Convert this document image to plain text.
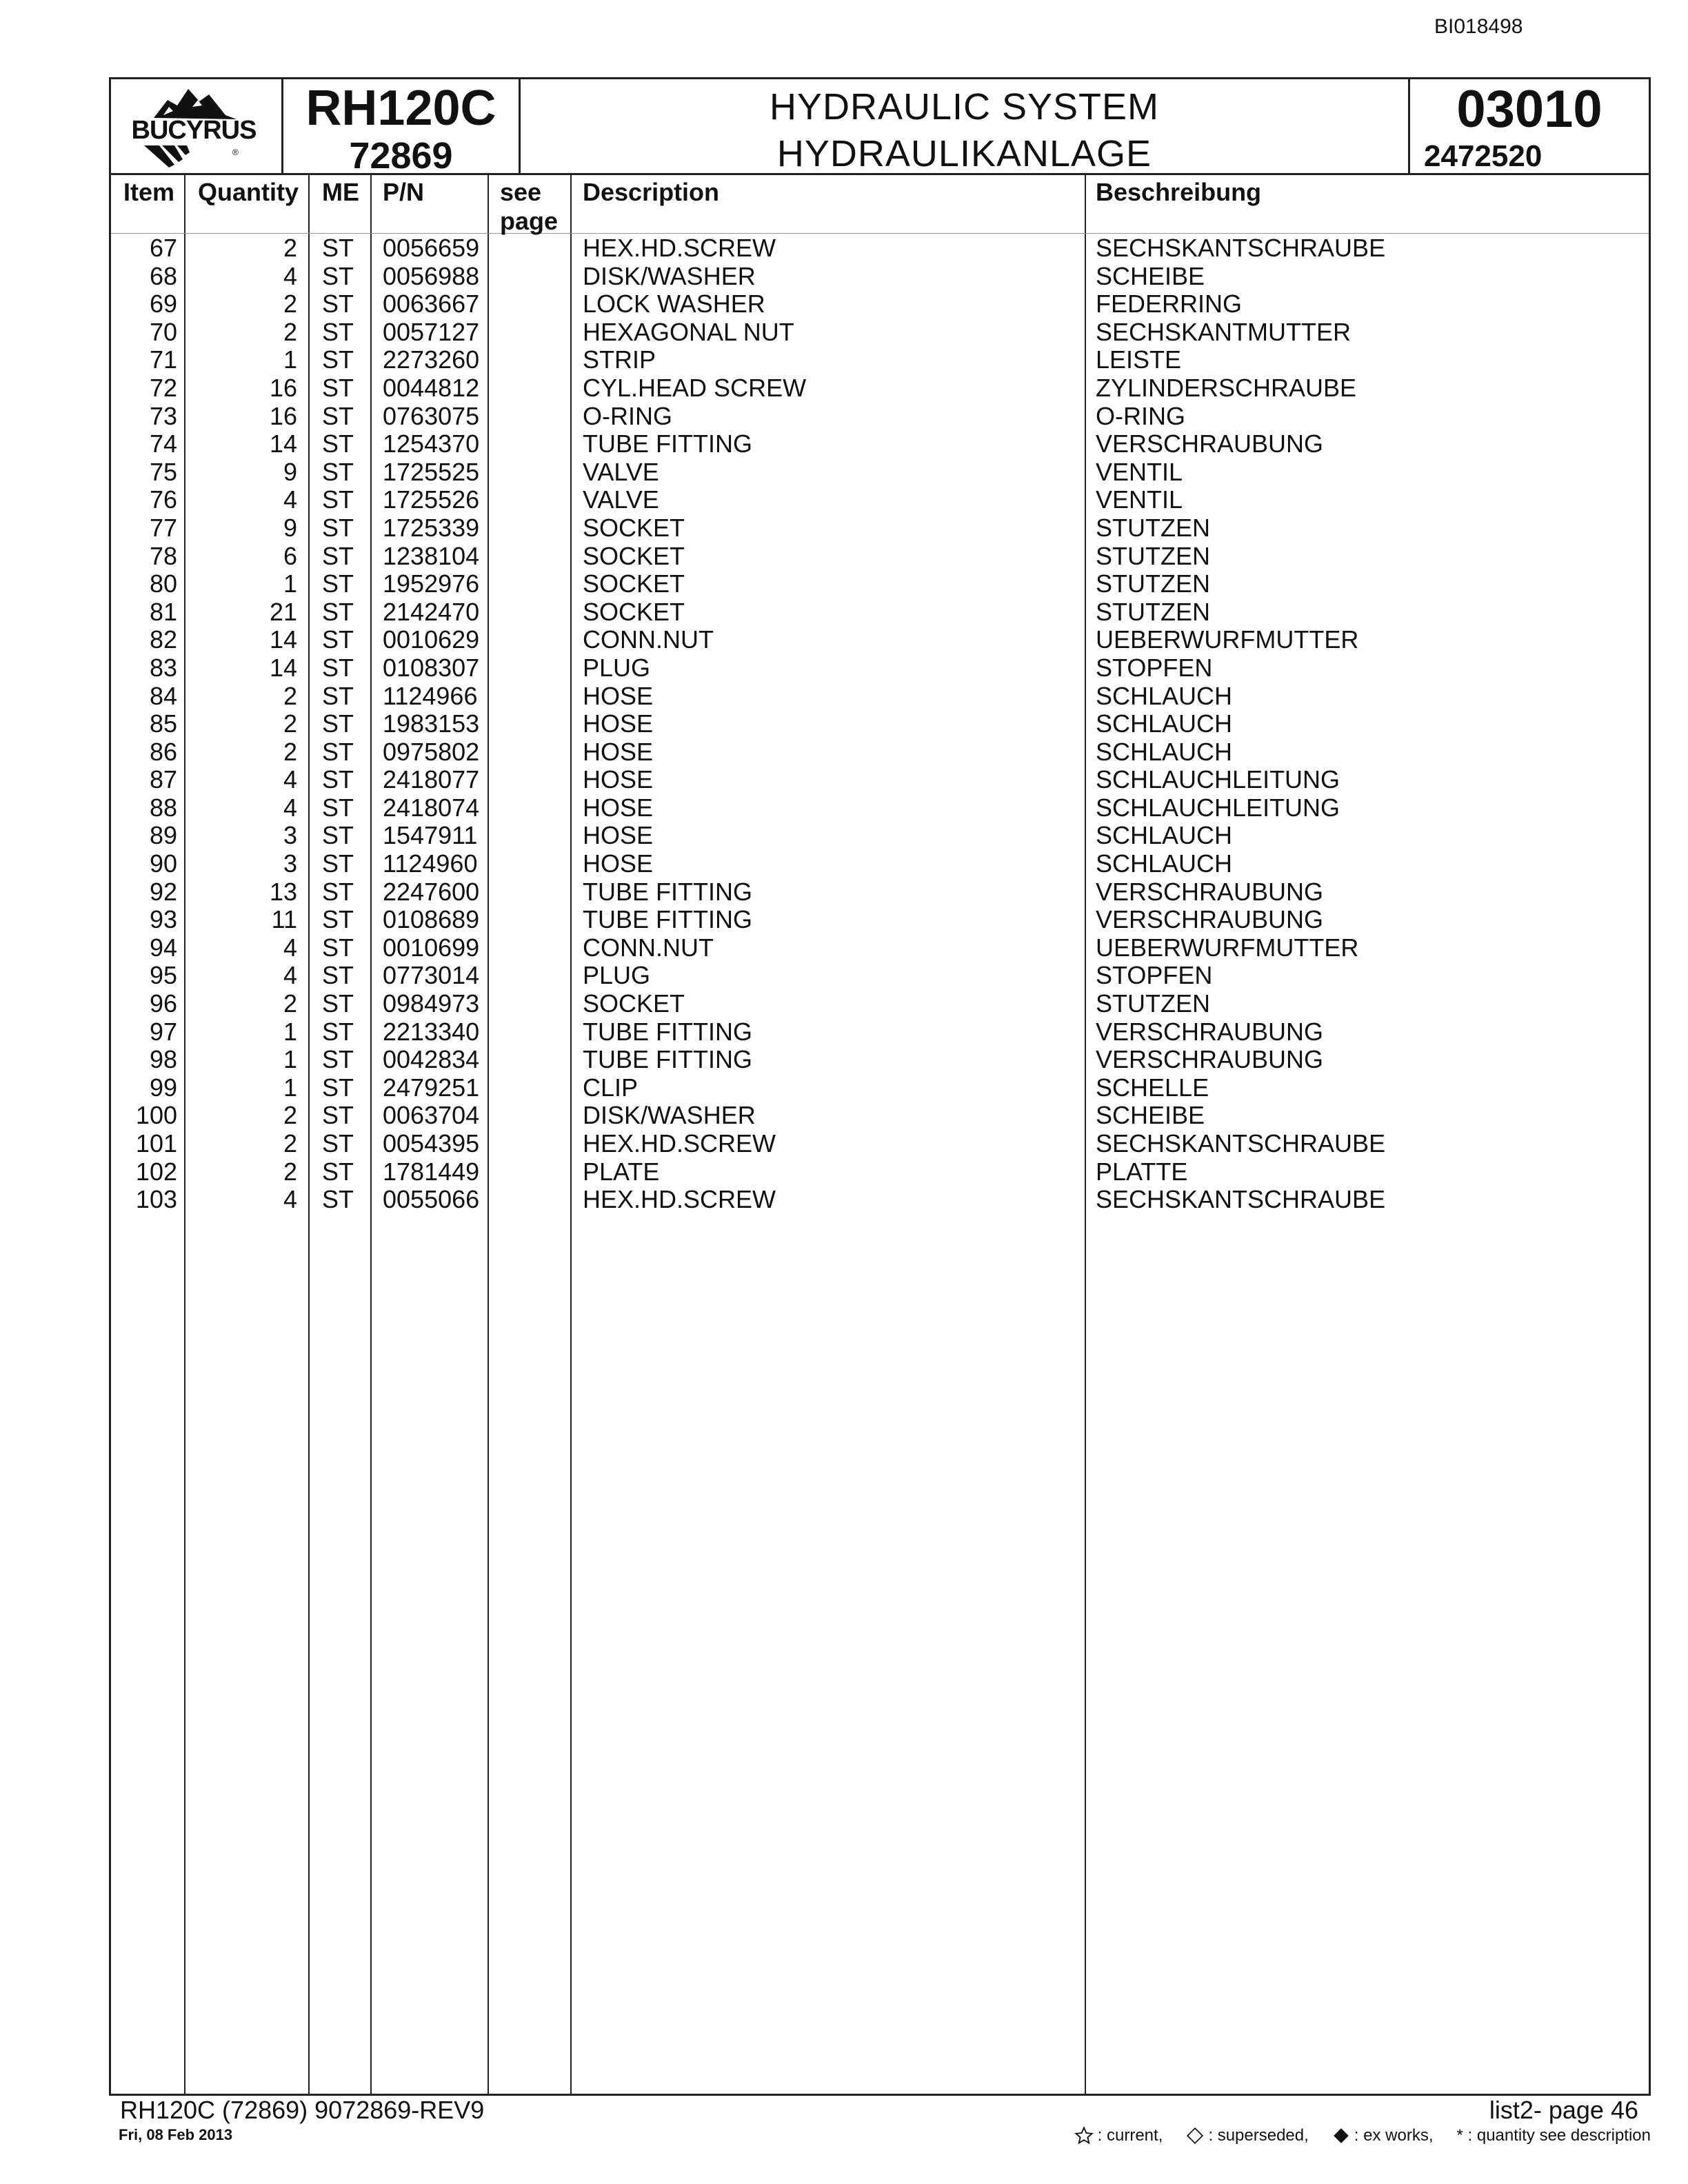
BI018498
BUCYRUS
®
RH120C
72869
HYDRAULIC SYSTEM
HYDRAULIKANLAGE
03010
2472520
Item Quantity ME P/N	see
page
Description	Beschreibung
67	2 ST 0056659	HEX.HD.SCREW	SECHSKANTSCHRAUBE
68	4 ST 0056988	DISK/WASHER	SCHEIBE
69	2 ST 0063667	LOCK WASHER	FEDERRING
70	2 ST 0057127	HEXAGONAL NUT	SECHSKANTMUTTER
71	1 ST 2273260	STRIP	LEISTE
72	16 ST 0044812	CYL.HEAD SCREW	ZYLINDERSCHRAUBE
73	16 ST 0763075	O-RING	O-RING
74	14 ST 1254370	TUBE FITTING	VERSCHRAUBUNG
75	9 ST 1725525	VALVE	VENTIL
76	4 ST 1725526	VALVE	VENTIL
77	9 ST 1725339	SOCKET	STUTZEN
78	6 ST 1238104	SOCKET	STUTZEN
80	1 ST 1952976	SOCKET	STUTZEN
81	21 ST 2142470	SOCKET	STUTZEN
82	14 ST 0010629	CONN.NUT	UEBERWURFMUTTER
83	14 ST 0108307	PLUG	STOPFEN
84	2 ST 1124966	HOSE	SCHLAUCH
85	2 ST 1983153	HOSE	SCHLAUCH
86	2 ST 0975802	HOSE	SCHLAUCH
87	4 ST 2418077	HOSE	SCHLAUCHLEITUNG
88	4 ST 2418074	HOSE	SCHLAUCHLEITUNG
89	3 ST 1547911	HOSE	SCHLAUCH
90	3 ST 1124960	HOSE	SCHLAUCH
92	13 ST 2247600	TUBE FITTING	VERSCHRAUBUNG
93	11 ST 0108689	TUBE FITTING	VERSCHRAUBUNG
94	4 ST 0010699	CONN.NUT	UEBERWURFMUTTER
95	4 ST 0773014	PLUG	STOPFEN
96	2 ST 0984973	SOCKET	STUTZEN
97	1 ST 2213340	TUBE FITTING	VERSCHRAUBUNG
98	1 ST 0042834	TUBE FITTING	VERSCHRAUBUNG
99	1 ST 2479251	CLIP	SCHELLE
100	2 ST 0063704	DISK/WASHER	SCHEIBE
101	2 ST 0054395	HEX.HD.SCREW	SECHSKANTSCHRAUBE
102	2 ST 1781449	PLATE	PLATTE
103	4 ST 0055066	HEX.HD.SCREW	SECHSKANTSCHRAUBE
RH120C (72869) 9072869-REV9
Fri, 08 Feb 2013
list2- page 46
: current,	: superseded,	: ex works, * : quantity see description
